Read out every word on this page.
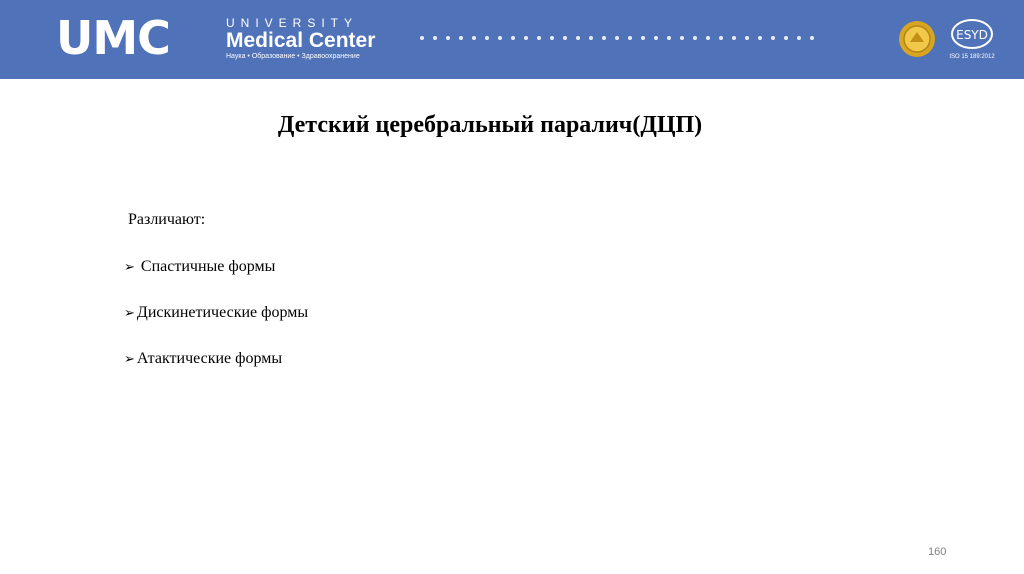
UMC	UNIVERSITY
Medical Center
Наука • Образование • Здравоохранение
ESYD
ISO 15 189:2012
Детский церебральный паралич(ДЦП)
Различают:
➢ Спастичные формы
➢ Дискинетические формы
➢ Атактические формы
160
